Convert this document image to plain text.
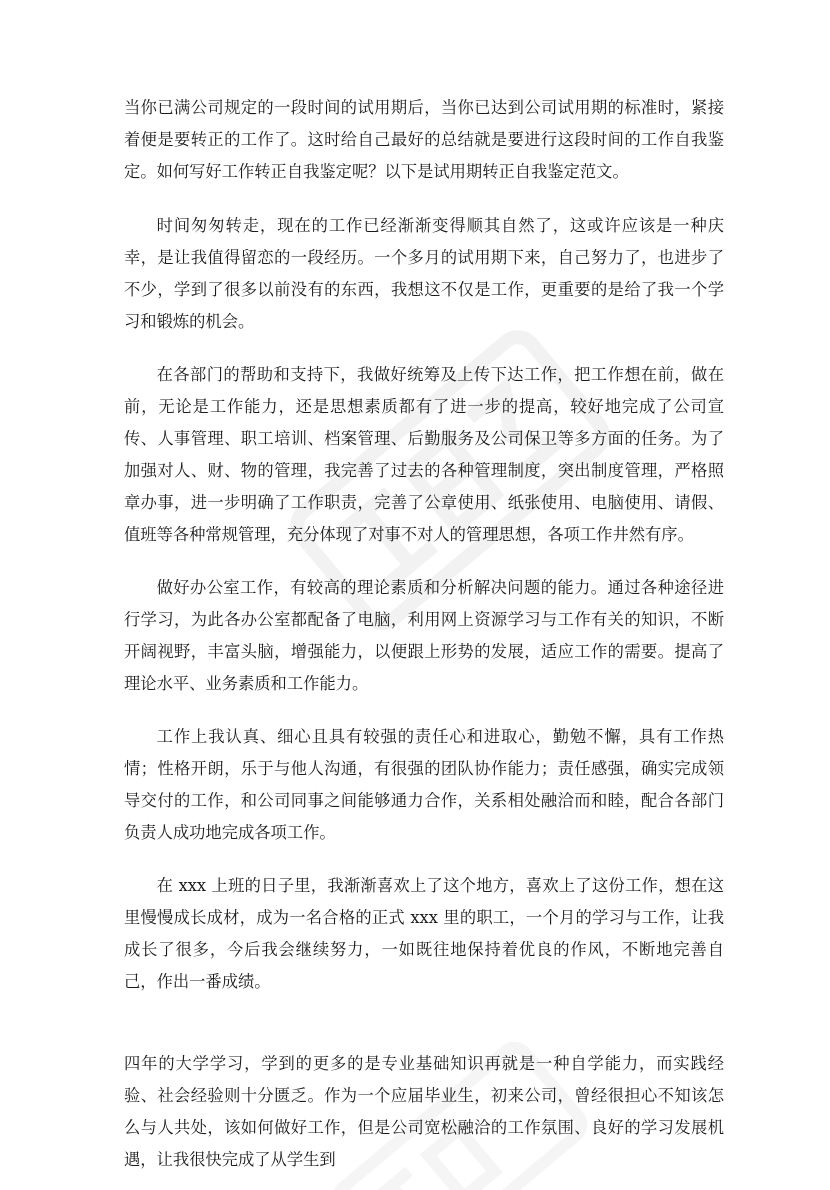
当你已满公司规定的一段时间的试用期后，当你已达到公司试用期的标准时，紧接着便是要转正的工作了。这时给自己最好的总结就是要进行这段时间的工作自我鉴定。如何写好工作转正自我鉴定呢？以下是试用期转正自我鉴定范文。

时间匆匆转走，现在的工作已经渐渐变得顺其自然了，这或许应该是一种庆幸，是让我值得留恋的一段经历。一个多月的试用期下来，自己努力了，也进步了不少，学到了很多以前没有的东西，我想这不仅是工作，更重要的是给了我一个学习和锻炼的机会。

在各部门的帮助和支持下，我做好统筹及上传下达工作，把工作想在前，做在前，无论是工作能力，还是思想素质都有了进一步的提高，较好地完成了公司宣传、人事管理、职工培训、档案管理、后勤服务及公司保卫等多方面的任务。为了加强对人、财、物的管理，我完善了过去的各种管理制度，突出制度管理，严格照章办事，进一步明确了工作职责，完善了公章使用、纸张使用、电脑使用、请假、值班等各种常规管理，充分体现了对事不对人的管理思想，各项工作井然有序。

做好办公室工作，有较高的理论素质和分析解决问题的能力。通过各种途径进行学习，为此各办公室都配备了电脑，利用网上资源学习与工作有关的知识，不断开阔视野，丰富头脑，增强能力，以便跟上形势的发展，适应工作的需要。提高了理论水平、业务素质和工作能力。

工作上我认真、细心且具有较强的责任心和进取心，勤勉不懈，具有工作热情；性格开朗，乐于与他人沟通，有很强的团队协作能力；责任感强，确实完成领导交付的工作，和公司同事之间能够通力合作，关系相处融洽而和睦，配合各部门负责人成功地完成各项工作。

在 xxx 上班的日子里，我渐渐喜欢上了这个地方，喜欢上了这份工作，想在这里慢慢成长成材，成为一名合格的正式 xxx 里的职工，一个月的学习与工作，让我成长了很多，今后我会继续努力，一如既往地保持着优良的作风，不断地完善自己，作出一番成绩。

四年的大学学习，学到的更多的是专业基础知识再就是一种自学能力，而实践经验、社会经验则十分匮乏。作为一个应届毕业生，初来公司，曾经很担心不知该怎么与人共处，该如何做好工作，但是公司宽松融洽的工作氛围、良好的学习发展机遇，让我很快完成了从学生到
